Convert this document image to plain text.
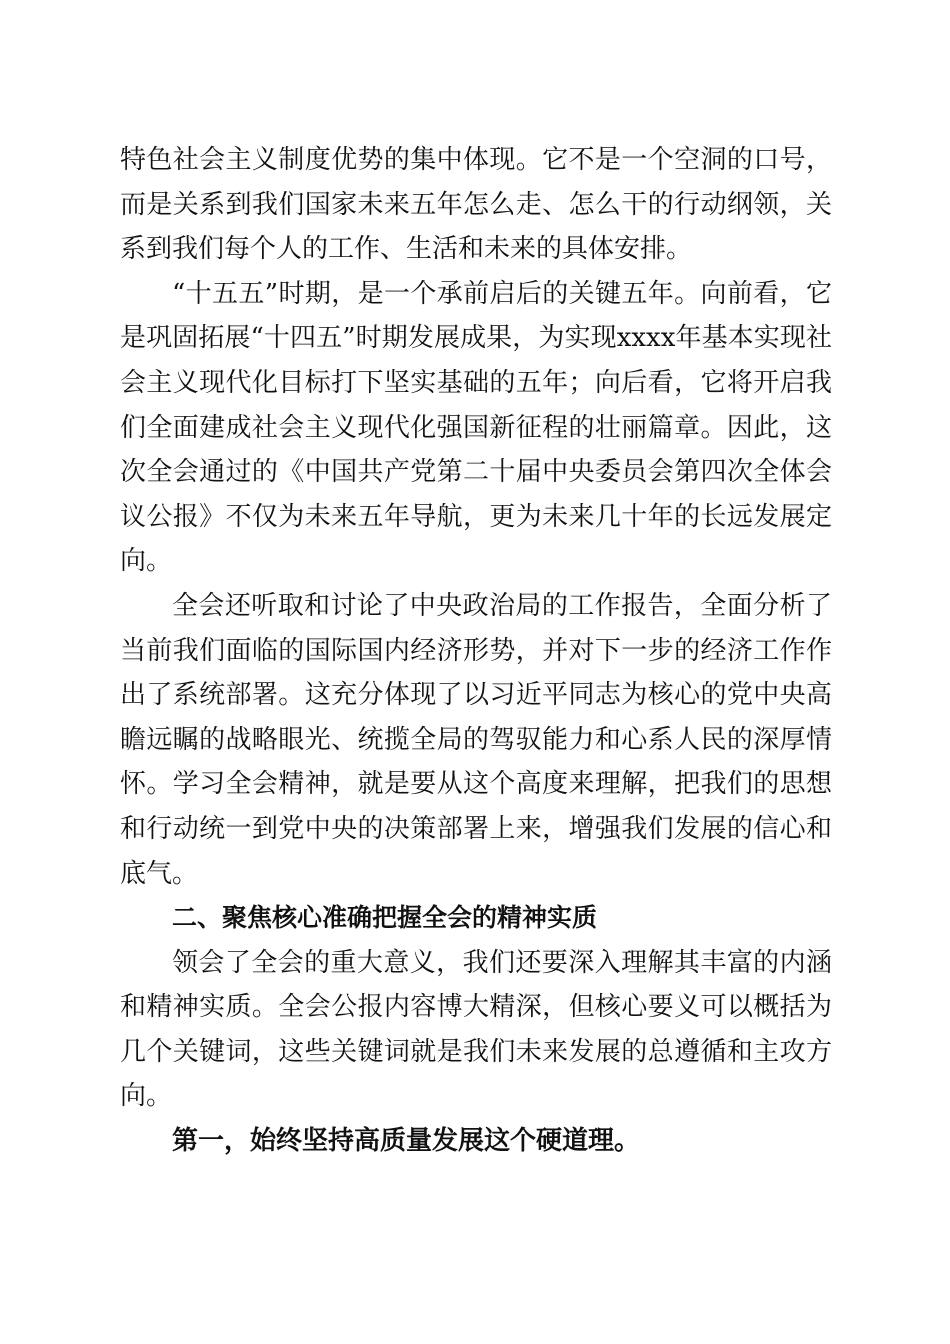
特色社会主义制度优势的集中体现。它不是一个空洞的口号，而是关系到我们国家未来五年怎么走、怎么干的行动纲领，关系到我们每个人的工作、生活和未来的具体安排。

“十五五”时期，是一个承前启后的关键五年。向前看，它是巩固拓展“十四五”时期发展成果，为实现xxxx年基本实现社会主义现代化目标打下坚实基础的五年；向后看，它将开启我们全面建成社会主义现代化强国新征程的壮丽篇章。因此，这次全会通过的《中国共产党第二十届中央委员会第四次全体会议公报》不仅为未来五年导航，更为未来几十年的长远发展定向。

全会还听取和讨论了中央政治局的工作报告，全面分析了当前我们面临的国际国内经济形势，并对下一步的经济工作作出了系统部署。这充分体现了以习近平同志为核心的党中央高瞻远瞩的战略眼光、统揽全局的驾驭能力和心系人民的深厚情怀。学习全会精神，就是要从这个高度来理解，把我们的思想和行动统一到党中央的决策部署上来，增强我们发展的信心和底气。

二、聚焦核心准确把握全会的精神实质

领会了全会的重大意义，我们还要深入理解其丰富的内涵和精神实质。全会公报内容博大精深，但核心要义可以概括为几个关键词，这些关键词就是我们未来发展的总遵循和主攻方向。

第一，始终坚持高质量发展这个硬道理。
